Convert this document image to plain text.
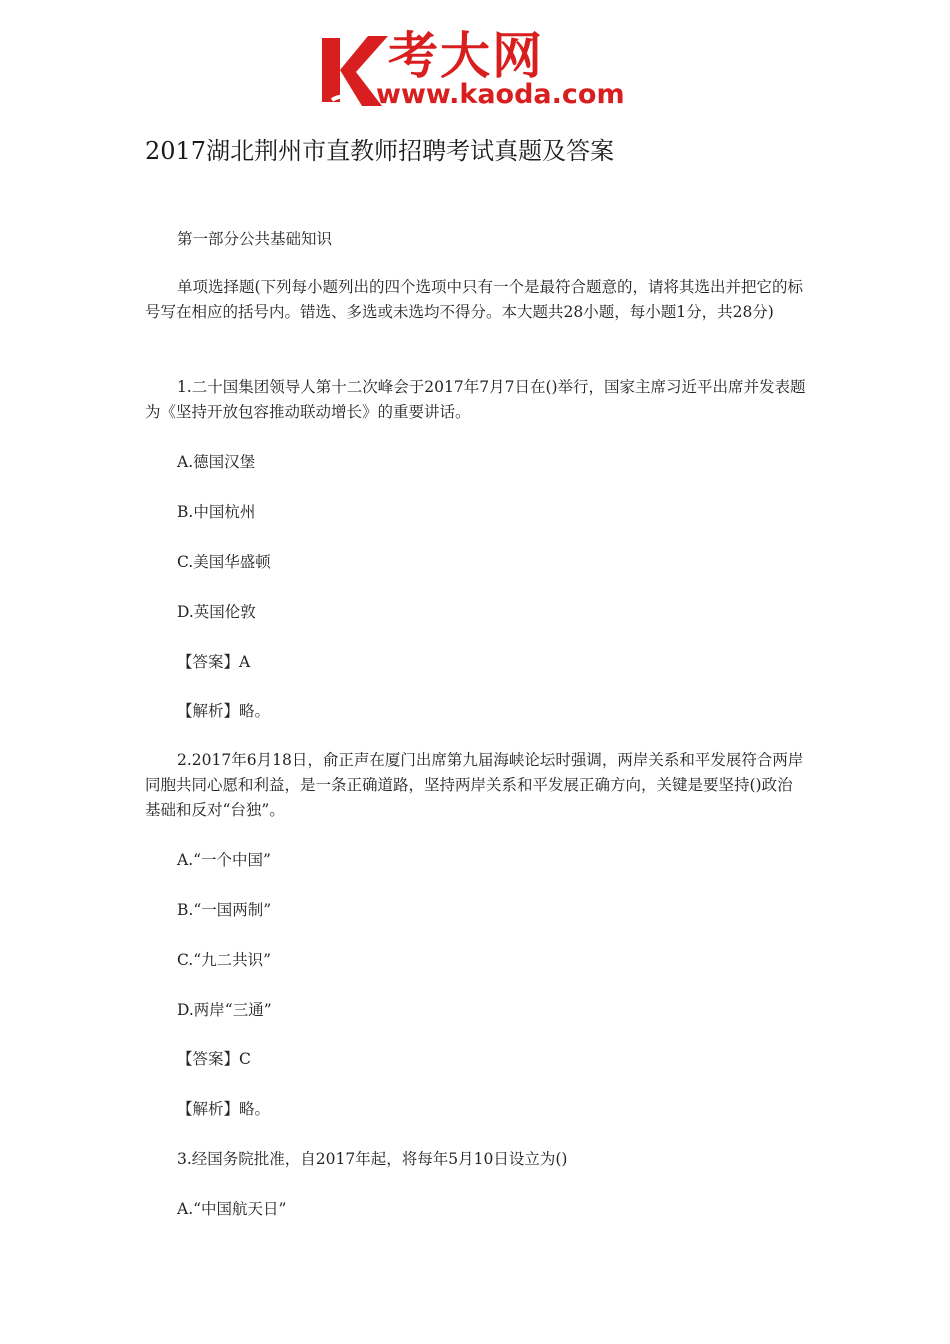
考大网
www.kaoda.com
2017湖北荆州市直教师招聘考试真题及答案

第一部分公共基础知识

单项选择题(下列每小题列出的四个选项中只有一个是最符合题意的，请将其选出并把它的标号写在相应的括号内。错选、多选或未选均不得分。本大题共28小题，每小题1分，共28分)

1.二十国集团领导人第十二次峰会于2017年7月7日在()举行，国家主席习近平出席并发表题为《坚持开放包容推动联动增长》的重要讲话。

A.德国汉堡
B.中国杭州
C.美国华盛顿
D.英国伦敦
【答案】A
【解析】略。

2.2017年6月18日，俞正声在厦门出席第九届海峡论坛时强调，两岸关系和平发展符合两岸同胞共同心愿和利益，是一条正确道路，坚持两岸关系和平发展正确方向，关键是要坚持()政治基础和反对“台独”。

A.“一个中国”
B.“一国两制”
C.“九二共识”
D.两岸“三通”
【答案】C
【解析】略。

3.经国务院批准，自2017年起，将每年5月10日设立为()

A.“中国航天日”
